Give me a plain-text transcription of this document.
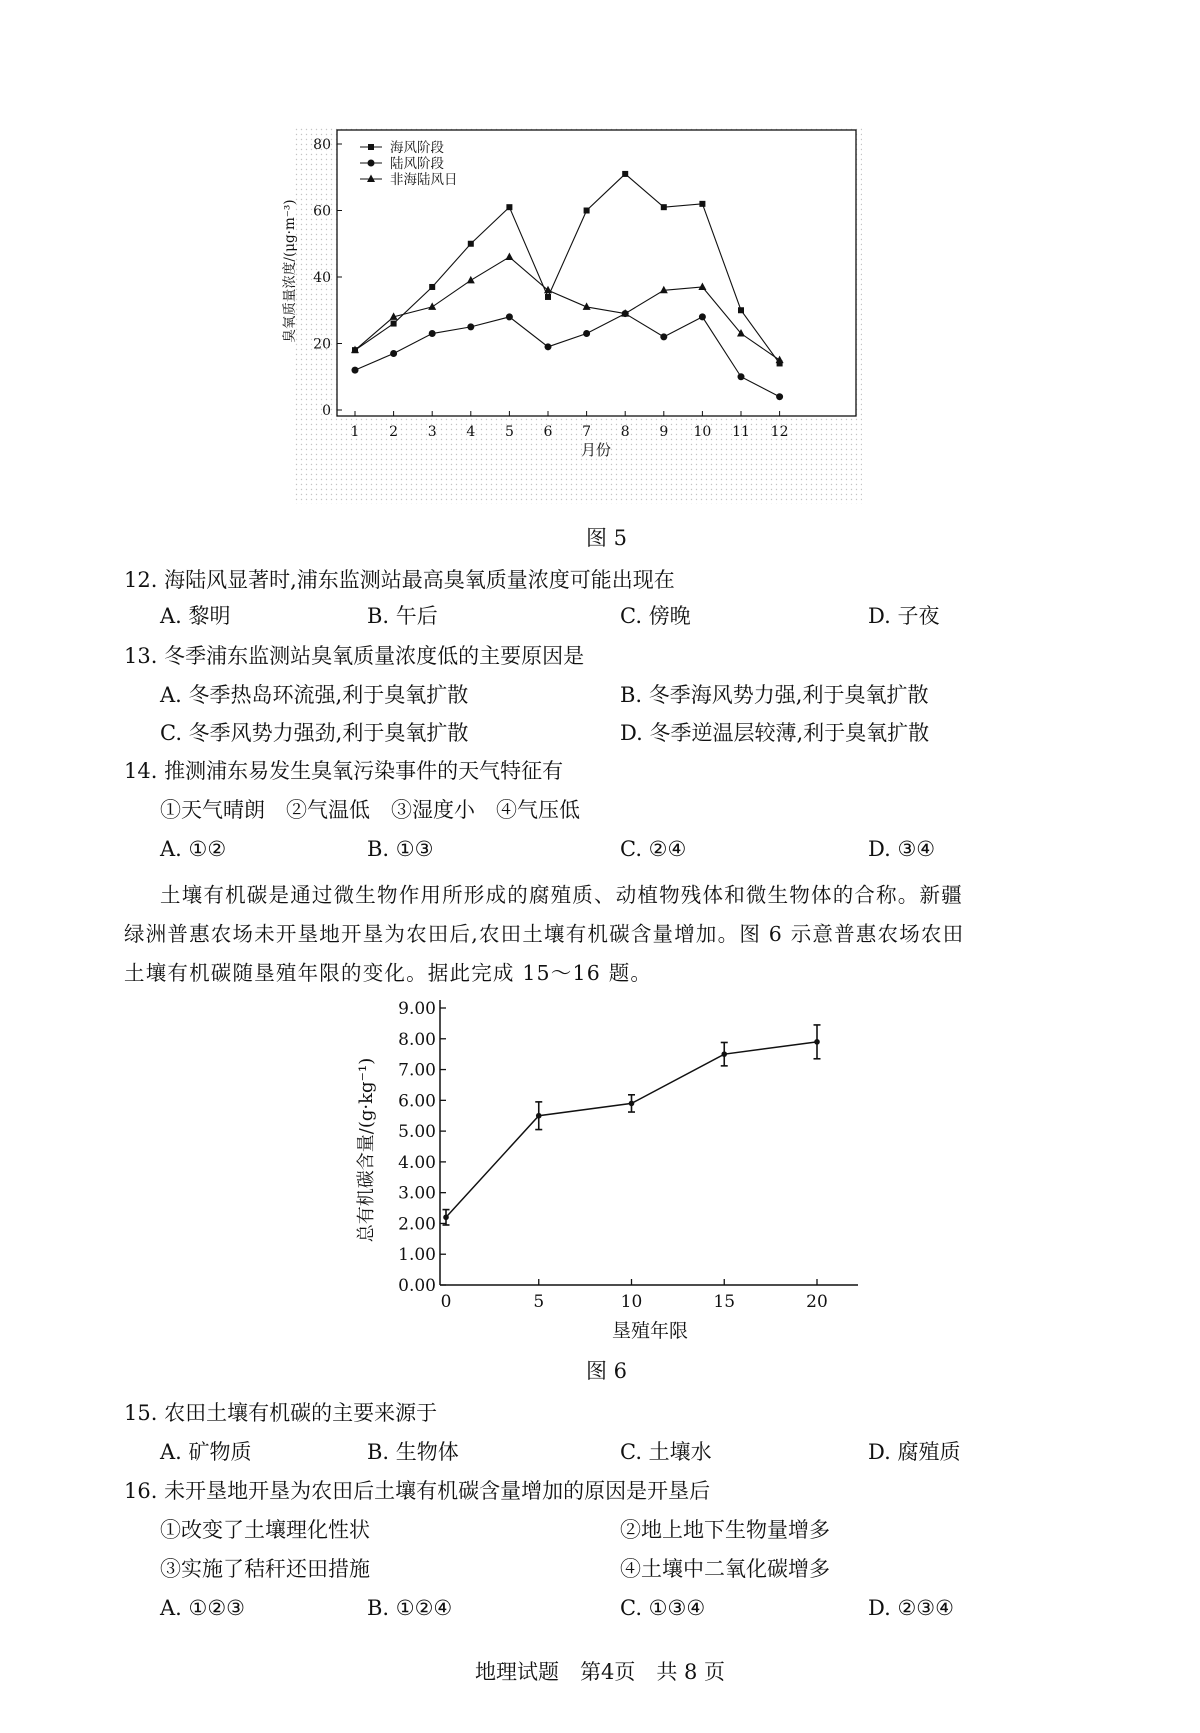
0
20
40
60
80
1 2 3 4 5 6 7 8 9 10 11 12
海风阶段
陆风阶段
非海陆风日
月份
臭氧质量浓度/(μg·m⁻³)
图 5
12. 海陆风显著时,浦东监测站最高臭氧质量浓度可能出现在
A. 黎明	B. 午后	C. 傍晚	D. 子夜
13. 冬季浦东监测站臭氧质量浓度低的主要原因是
A. 冬季热岛环流强,利于臭氧扩散	B. 冬季海风势力强,利于臭氧扩散
C. 冬季风势力强劲,利于臭氧扩散	D. 冬季逆温层较薄,利于臭氧扩散
14. 推测浦东易发生臭氧污染事件的天气特征有
①天气晴朗　②气温低　③湿度小　④气压低
A. ①②	B. ①③	C. ②④	D. ③④
土壤有机碳是通过微生物作用所形成的腐殖质、动植物残体和微生物体的合称。新疆
绿洲普惠农场未开垦地开垦为农田后,农田土壤有机碳含量增加。图 6 示意普惠农场农田
土壤有机碳随垦殖年限的变化。据此完成 15～16 题。
0.00
1.00
2.00
3.00
4.00
5.00
6.00
7.00
8.00
9.00
0	5	10	15	20
垦殖年限
总有机碳含量/(g·kg⁻¹)
图 6
15. 农田土壤有机碳的主要来源于
A. 矿物质	B. 生物体	C. 土壤水	D. 腐殖质
16. 未开垦地开垦为农田后土壤有机碳含量增加的原因是开垦后
①改变了土壤理化性状	②地上地下生物量增多
③实施了秸秆还田措施	④土壤中二氧化碳增多
A. ①②③	B. ①②④	C. ①③④	D. ②③④
地理试题　第4页　共 8 页
